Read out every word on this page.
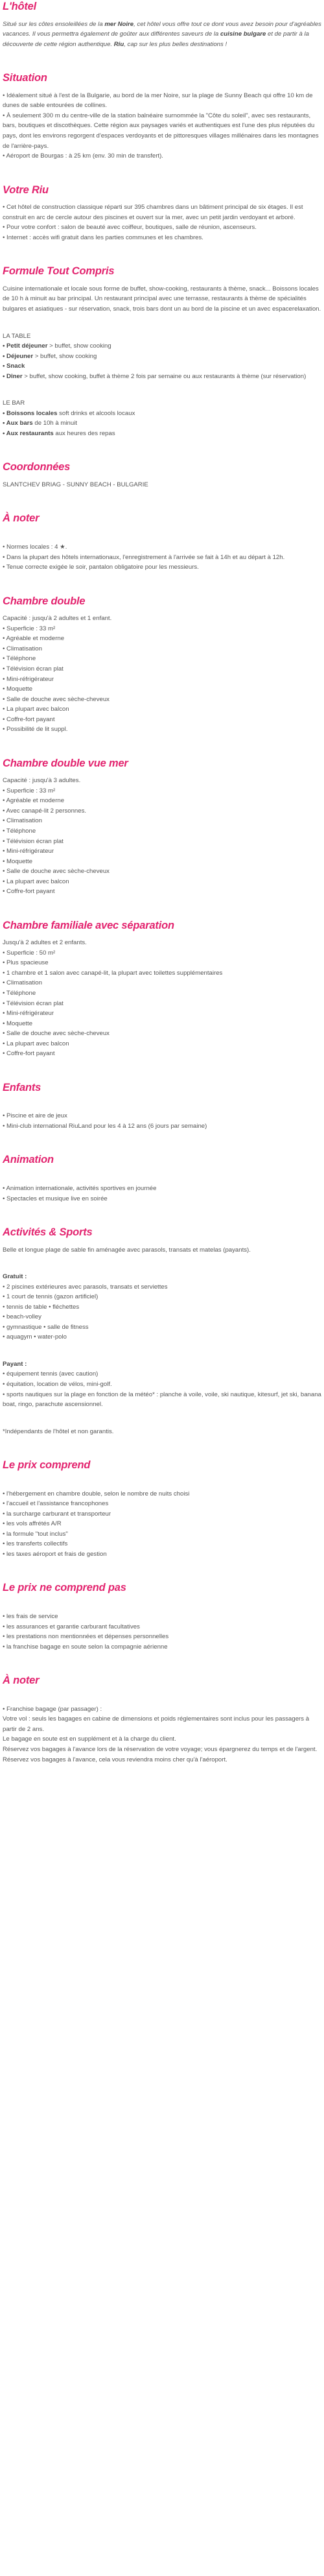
L'hôtel

Situé sur les côtes ensoleillées de la mer Noire, cet hôtel vous offre tout ce dont vous avez besoin pour d'agréables vacances. Il vous permettra également de goûter aux différentes saveurs de la cuisine bulgare et de partir à la découverte de cette région authentique. Riu, cap sur les plus belles destinations !

Situation
• Idéalement situé à l'est de la Bulgarie, au bord de la mer Noire, sur la plage de Sunny Beach qui offre 10 km de dunes de sable entourées de collines.
• À seulement 300 m du centre-ville de la station balnéaire surnommée la "Côte du soleil", avec ses restaurants, bars, boutiques et discothèques. Cette région aux paysages variés et authentiques est l'une des plus réputées du pays, dont les environs regorgent d'espaces verdoyants et de pittoresques villages millénaires dans les montagnes de l'arrière-pays.
• Aéroport de Bourgas : à 25 km (env. 30 min de transfert).
Votre Riu
• Cet hôtel de construction classique réparti sur 395 chambres dans un bâtiment principal de six étages. Il est construit en arc de cercle autour des piscines et ouvert sur la mer, avec un petit jardin verdoyant et arboré.
• Pour votre confort : salon de beauté avec coiffeur, boutiques, salle de réunion, ascenseurs.
• Internet : accès wifi gratuit dans les parties communes et les chambres.
Formule Tout Compris

Cuisine internationale et locale sous forme de buffet, show-cooking, restaurants à thème, snack... Boissons locales de 10 h à minuit au bar principal. Un restaurant principal avec une terrasse, restaurants à thème de spécialités bulgares et asiatiques - sur réservation, snack, trois bars dont un au bord de la piscine et un avec espacerelaxation.

LA TABLE
• Petit déjeuner > buffet, show cooking
• Déjeuner > buffet, show cooking
• Snack
• Dîner > buffet, show cooking, buffet à thème 2 fois par semaine ou aux restaurants à thème (sur réservation)
LE BAR
• Boissons locales soft drinks et alcools locaux
• Aux bars de 10h à minuit
• Aux restaurants aux heures des repas
Coordonnées
SLANTCHEV BRIAG - SUNNY BEACH - BULGARIE
À noter
• Normes locales : 4 ★.
• Dans la plupart des hôtels internationaux, l'enregistrement à l'arrivée se fait à 14h et au départ à 12h.
• Tenue correcte exigée le soir, pantalon obligatoire pour les messieurs.
Chambre double
Capacité : jusqu'à 2 adultes et 1 enfant.
• Superficie : 33 m²
• Agréable et moderne
• Climatisation
• Téléphone
• Télévision écran plat
• Mini-réfrigérateur
• Moquette
• Salle de douche avec sèche-cheveux
• La plupart avec balcon
• Coffre-fort payant
• Possibilité de lit suppl.
Chambre double vue mer
Capacité : jusqu'à 3 adultes.
• Superficie : 33 m²
• Agréable et moderne
• Avec canapé-lit 2 personnes.
• Climatisation
• Téléphone
• Télévision écran plat
• Mini-réfrigérateur
• Moquette
• Salle de douche avec sèche-cheveux
• La plupart avec balcon
• Coffre-fort payant
Chambre familiale avec séparation
Jusqu'à 2 adultes et 2 enfants.
• Superficie : 50 m²
• Plus spacieuse
• 1 chambre et 1 salon avec canapé-lit, la plupart avec toilettes supplémentaires
• Climatisation
• Téléphone
• Télévision écran plat
• Mini-réfrigérateur
• Moquette
• Salle de douche avec sèche-cheveux
• La plupart avec balcon
• Coffre-fort payant
Enfants
• Piscine et aire de jeux
• Mini-club international RiuLand pour les 4 à 12 ans (6 jours par semaine)
Animation
• Animation internationale, activités sportives en journée
• Spectacles et musique live en soirée
Activités & Sports

Belle et longue plage de sable fin aménagée avec parasols, transats et matelas (payants).

Gratuit :
• 2 piscines extérieures avec parasols, transats et serviettes
• 1 court de tennis (gazon artificiel)
• tennis de table • fléchettes
• beach-volley
• gymnastique • salle de fitness
• aquagym • water-polo
Payant :
• équipement tennis (avec caution)
• équitation, location de vélos, mini-golf.
• sports nautiques sur la plage en fonction de la météo* : planche à voile, voile, ski nautique, kitesurf, jet ski, banana boat, ringo, parachute ascensionnel.
*Indépendants de l'hôtel et non garantis.
Le prix comprend
• l'hébergement en chambre double, selon le nombre de nuits choisi
• l'accueil et l'assistance francophones
• la surcharge carburant et transporteur
• les vols affrétés A/R
• la formule "tout inclus"
• les transferts collectifs
• les taxes aéroport et frais de gestion
Le prix ne comprend pas
• les frais de service
• les assurances et garantie carburant facultatives
• les prestations non mentionnées et dépenses personnelles
• la franchise bagage en soute selon la compagnie aérienne
À noter
• Franchise bagage (par passager) :
Votre vol : seuls les bagages en cabine de dimensions et poids réglementaires sont inclus pour les passagers à partir de 2 ans.
Le bagage en soute est en supplément et à la charge du client.
Réservez vos bagages à l'avance lors de la réservation de votre voyage; vous épargnerez du temps et de l'argent.
Réservez vos bagages à l'avance, cela vous reviendra moins cher qu'à l'aéroport.
